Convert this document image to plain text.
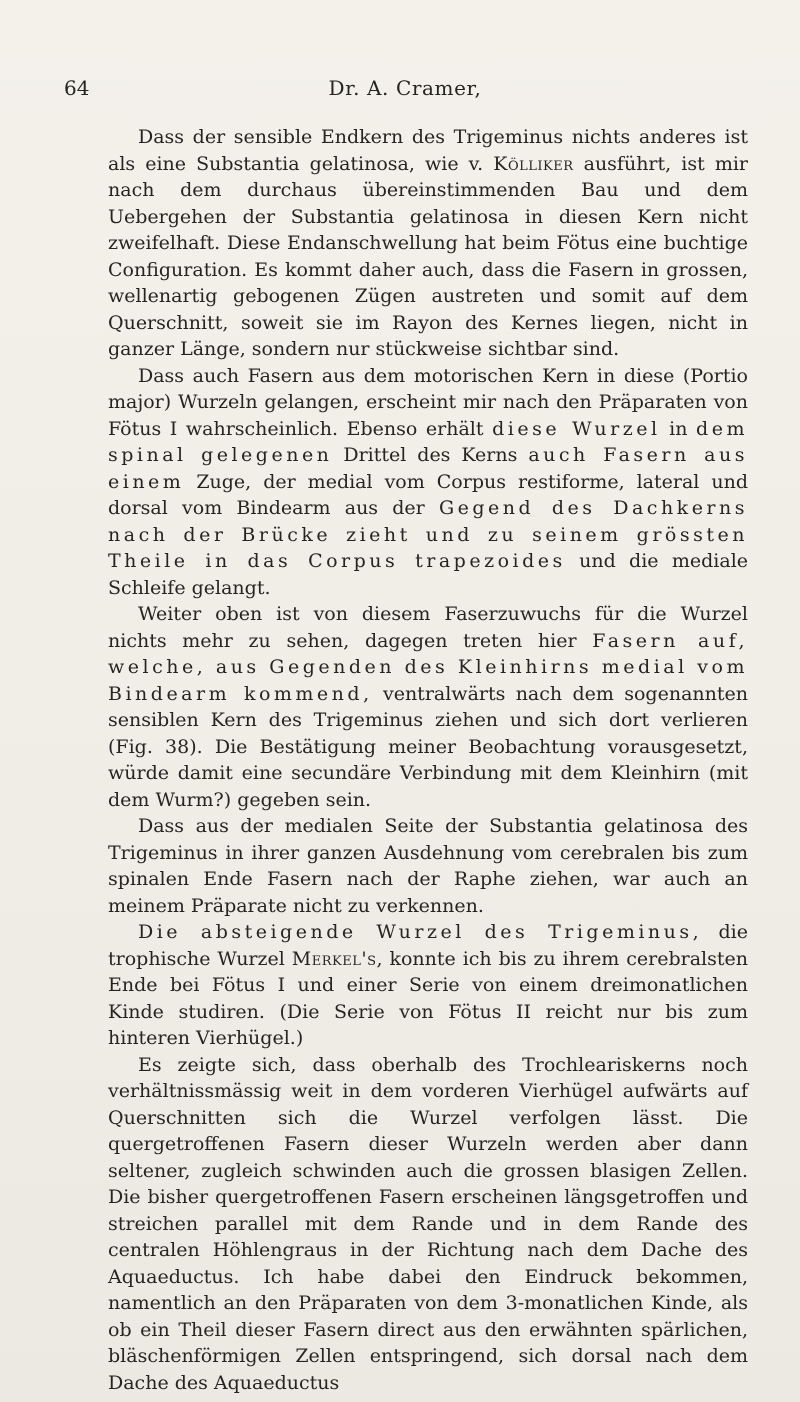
64	Dr. A. Cramer,

Dass der sensible Endkern des Trigeminus nichts anderes ist als eine Substantia gelatinosa, wie v. Kölliker ausführt, ist mir nach dem durchaus übereinstimmenden Bau und dem Uebergehen der Substantia gelatinosa in diesen Kern nicht zweifelhaft. Diese Endanschwellung hat beim Fötus eine buchtige Configuration. Es kommt daher auch, dass die Fasern in grossen, wellenartig gebogenen Zügen austreten und somit auf dem Querschnitt, soweit sie im Rayon des Kernes liegen, nicht in ganzer Länge, sondern nur stückweise sichtbar sind.

Dass auch Fasern aus dem motorischen Kern in diese (Portio major) Wurzeln gelangen, erscheint mir nach den Präparaten von Fötus I wahrscheinlich. Ebenso erhält diese Wurzel in dem spinal gelegenen Drittel des Kerns auch Fasern aus einem Zuge, der medial vom Corpus restiforme, lateral und dorsal vom Bindearm aus der Gegend des Dachkerns nach der Brücke zieht und zu seinem grössten Theile in das Corpus trapezoides und die mediale Schleife gelangt.

Weiter oben ist von diesem Faserzuwuchs für die Wurzel nichts mehr zu sehen, dagegen treten hier Fasern auf, welche, aus Gegenden des Kleinhirns medial vom Bindearm kommend, ventralwärts nach dem sogenannten sensiblen Kern des Trigeminus ziehen und sich dort verlieren (Fig. 38). Die Bestätigung meiner Beobachtung vorausgesetzt, würde damit eine secundäre Verbindung mit dem Kleinhirn (mit dem Wurm?) gegeben sein.

Dass aus der medialen Seite der Substantia gelatinosa des Trigeminus in ihrer ganzen Ausdehnung vom cerebralen bis zum spinalen Ende Fasern nach der Raphe ziehen, war auch an meinem Präparate nicht zu verkennen.

Die absteigende Wurzel des Trigeminus, die trophische Wurzel Merkel's, konnte ich bis zu ihrem cerebralsten Ende bei Fötus I und einer Serie von einem dreimonatlichen Kinde studiren. (Die Serie von Fötus II reicht nur bis zum hinteren Vierhügel.)

Es zeigte sich, dass oberhalb des Trochleariskerns noch verhältnissmässig weit in dem vorderen Vierhügel aufwärts auf Querschnitten sich die Wurzel verfolgen lässt. Die quergetroffenen Fasern dieser Wurzeln werden aber dann seltener, zugleich schwinden auch die grossen blasigen Zellen. Die bisher quergetroffenen Fasern erscheinen längsgetroffen und streichen parallel mit dem Rande und in dem Rande des centralen Höhlengraus in der Richtung nach dem Dache des Aquaeductus. Ich habe dabei den Eindruck bekommen, namentlich an den Präparaten von dem 3-monatlichen Kinde, als ob ein Theil dieser Fasern direct aus den erwähnten spärlichen, bläschenförmigen Zellen entspringend, sich dorsal nach dem Dache des Aquaeductus
